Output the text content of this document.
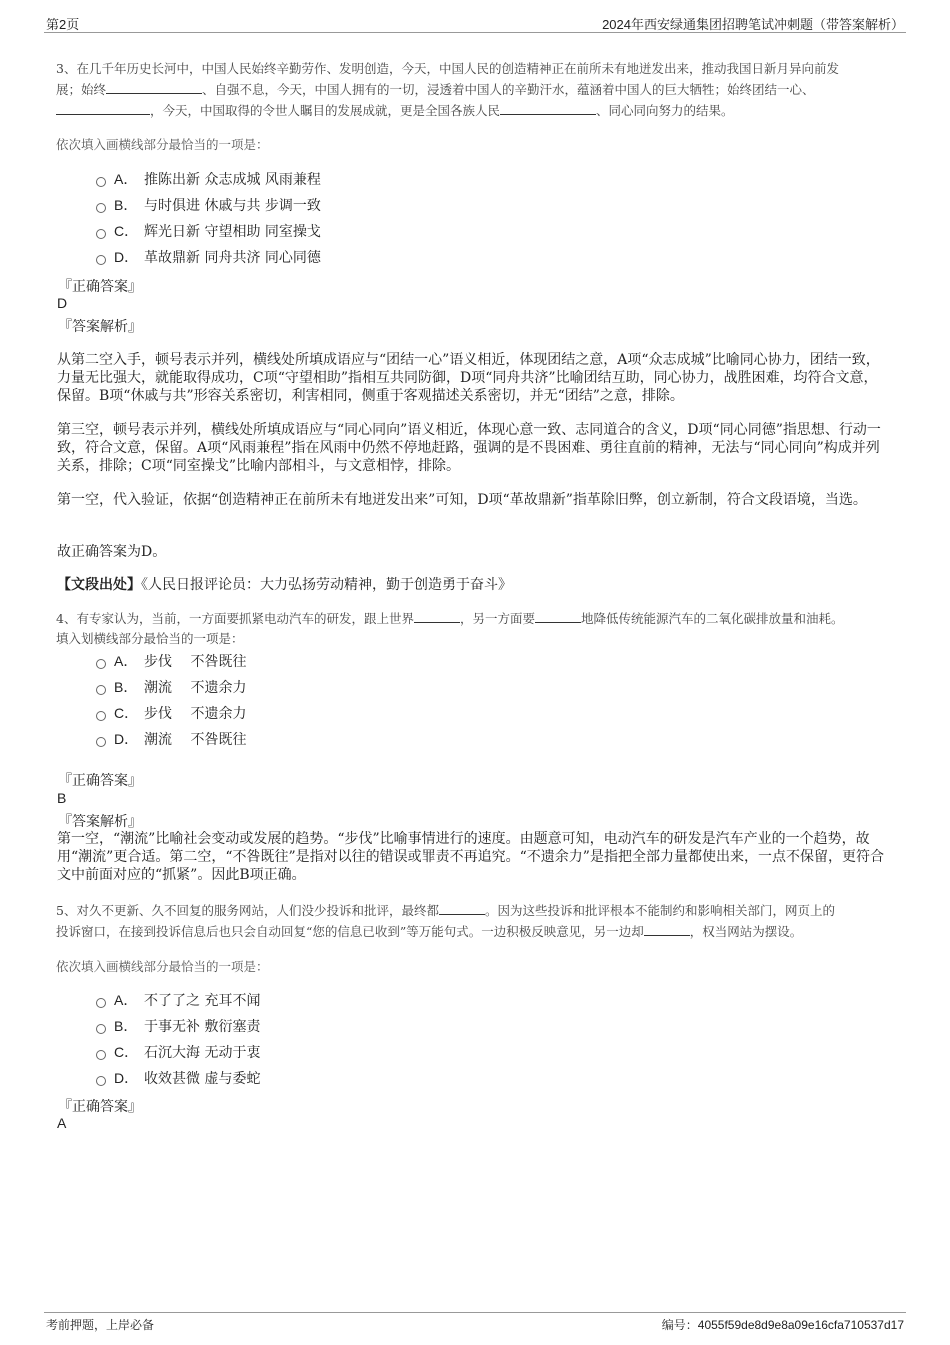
第2页	2024年西安绿通集团招聘笔试冲刺题（带答案解析）
3、在几千年历史长河中，中国人民始终辛勤劳作、发明创造，今天，中国人民的创造精神正在前所未有地迸发出来，推动我国日新月异向前发
展；始终	、自强不息，今天，中国人拥有的一切，浸透着中国人的辛勤汗水，蕴涵着中国人的巨大牺牲；始终团结一心、
，今天，中国取得的令世人瞩目的发展成就，更是全国各族人民	、同心同向努力的结果。
依次填入画横线部分最恰当的一项是：
A． 推陈出新 众志成城 风雨兼程
B． 与时俱进 休戚与共 步调一致
C． 辉光日新 守望相助 同室操戈
D． 革故鼎新 同舟共济 同心同德
『正确答案』
D
『答案解析』
从第二空入手，顿号表示并列，横线处所填成语应与“团结一心”语义相近，体现团结之意，A项“众志成城”比喻同心协力，团结一致，力量无比强大，就能取得成功，C项“守望相助”指相互共同防御，D项“同舟共济”比喻团结互助，同心协力，战胜困难，均符合文意，保留。B项“休戚与共”形容关系密切，利害相同，侧重于客观描述关系密切，并无“团结”之意，排除。
第三空，顿号表示并列，横线处所填成语应与“同心同向”语义相近，体现心意一致、志同道合的含义，D项“同心同德”指思想、行动一致，符合文意，保留。A项“风雨兼程”指在风雨中仍然不停地赶路，强调的是不畏困难、勇往直前的精神，无法与“同心同向”构成并列关系，排除；C项“同室操戈”比喻内部相斗，与文意相悖，排除。
第一空，代入验证，依据“创造精神正在前所未有地迸发出来”可知，D项“革故鼎新”指革除旧弊，创立新制，符合文段语境，当选。
故正确答案为D。
【文段出处】《人民日报评论员：大力弘扬劳动精神，勤于创造勇于奋斗》
4、有专家认为，当前，一方面要抓紧电动汽车的研发，跟上世界	，另一方面要	地降低传统能源汽车的二氧化碳排放量和油耗。
填入划横线部分最恰当的一项是：
A． 步伐　 不咎既往
B． 潮流　 不遗余力
C． 步伐　 不遗余力
D． 潮流　 不咎既往
『正确答案』
B
『答案解析』
第一空，“潮流”比喻社会变动或发展的趋势。“步伐”比喻事情进行的速度。由题意可知，电动汽车的研发是汽车产业的一个趋势，故用“潮流”更合适。第二空，“不咎既往”是指对以往的错误或罪责不再追究。“不遗余力”是指把全部力量都使出来，一点不保留，更符合文中前面对应的“抓紧”。因此B项正确。
5、对久不更新、久不回复的服务网站，人们没少投诉和批评，最终都	。因为这些投诉和批评根本不能制约和影响相关部门，网页上的
投诉窗口，在接到投诉信息后也只会自动回复“您的信息已收到”等万能句式。一边积极反映意见，另一边却	，权当网站为摆设。
依次填入画横线部分最恰当的一项是：
A． 不了了之 充耳不闻
B． 于事无补 敷衍塞责
C． 石沉大海 无动于衷
D． 收效甚微 虚与委蛇
『正确答案』
A
考前押题，上岸必备	编号：4055f59de8d9e8a09e16cfa710537d17
